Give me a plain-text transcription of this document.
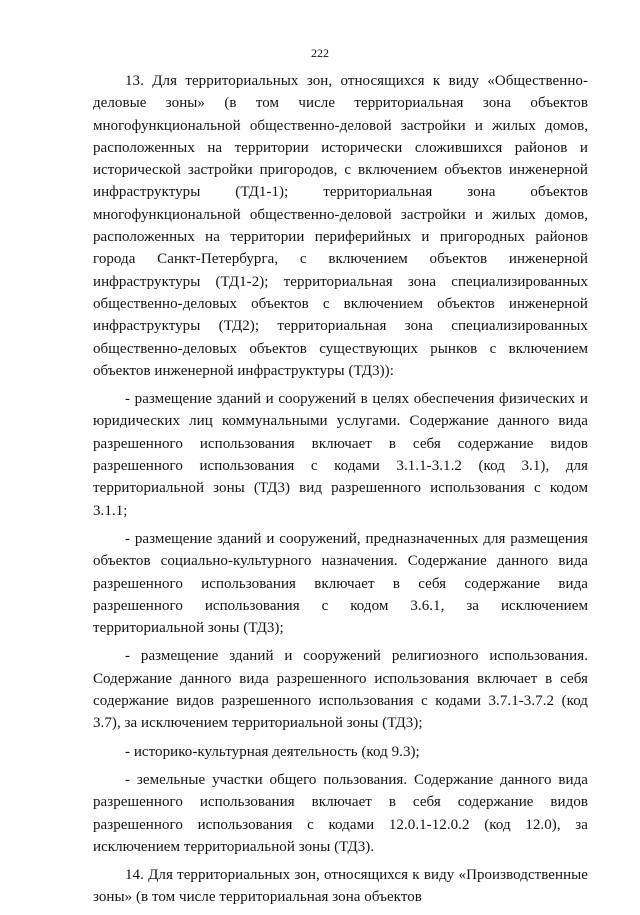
222

13. Для территориальных зон, относящихся к виду «Общественно-деловые зоны» (в том числе территориальная зона объектов многофункциональной общественно-деловой застройки и жилых домов, расположенных на территории исторически сложившихся районов и исторической застройки пригородов, с включением объектов инженерной инфраструктуры (ТД1-1); территориальная зона объектов многофункциональной общественно-деловой застройки и жилых домов, расположенных на территории периферийных и пригородных районов города Санкт-Петербурга, с включением объектов инженерной инфраструктуры (ТД1-2); территориальная зона специализированных общественно-деловых объектов с включением объектов инженерной инфраструктуры (ТД2); территориальная зона специализированных общественно-деловых объектов существующих рынков с включением объектов инженерной инфраструктуры (ТД3)):

- размещение зданий и сооружений в целях обеспечения физических и юридических лиц коммунальными услугами. Содержание данного вида разрешенного использования включает в себя содержание видов разрешенного использования с кодами 3.1.1-3.1.2 (код 3.1), для территориальной зоны (ТД3) вид разрешенного использования с кодом 3.1.1;

- размещение зданий и сооружений, предназначенных для размещения объектов социально-культурного назначения. Содержание данного вида разрешенного использования включает в себя содержание вида разрешенного использования с кодом 3.6.1, за исключением территориальной зоны (ТД3);

- размещение зданий и сооружений религиозного использования. Содержание данного вида разрешенного использования включает в себя содержание видов разрешенного использования с кодами 3.7.1-3.7.2 (код 3.7), за исключением территориальной зоны (ТД3);

- историко-культурная деятельность (код 9.3);

- земельные участки общего пользования. Содержание данного вида разрешенного использования включает в себя содержание видов разрешенного использования с кодами 12.0.1-12.0.2 (код 12.0), за исключением территориальной зоны (ТД3).

14. Для территориальных зон, относящихся к виду «Производственные зоны» (в том числе территориальная зона объектов
